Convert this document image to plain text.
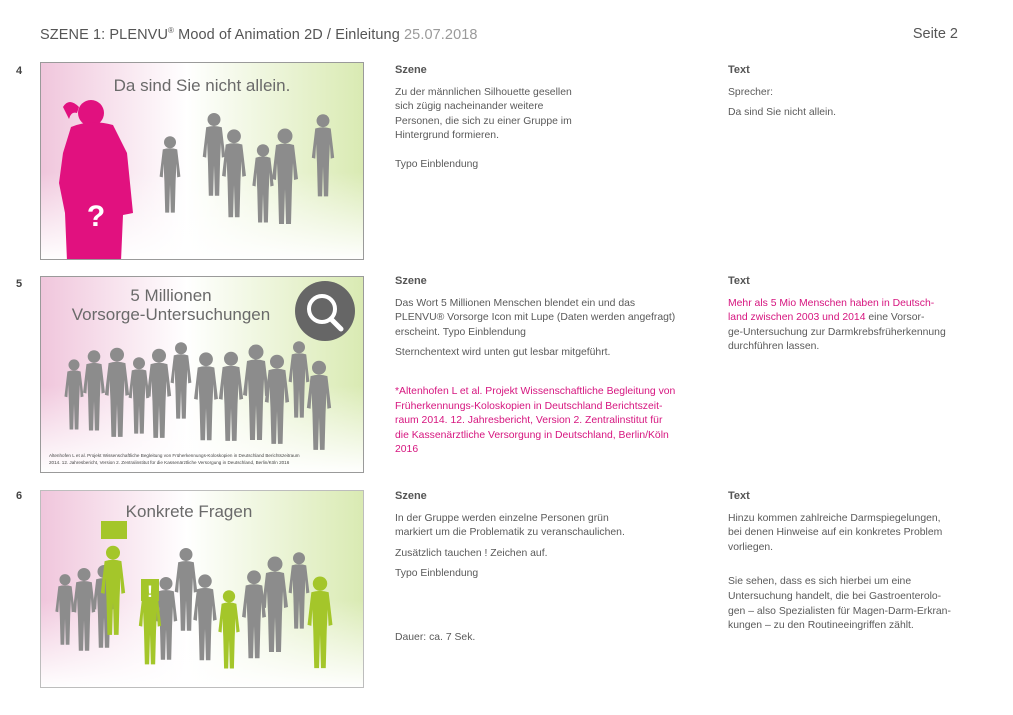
SZENE 1: PLENVU® Mood of Animation 2D / Einleitung 25.07.2018	Seite 2
4
Da sind Sie nicht allein.
?
Szene

Zu der männlichen Silhouette gesellen

sich zügig nacheinander weitere

Personen, die sich zu einer Gruppe im

Hintergrund formieren.

Typo Einblendung

Text

Sprecher:

Da sind Sie nicht allein.

5
5 Millionen
Vorsorge-Untersuchungen
Altenhofen L et al. Projekt Wissenschaftliche Begleitung von Früherkennungs-Koloskopien in Deutschland Berichtszeitraum
2014. 12. Jahresbericht, Version 2. Zentralinstitut für die Kassenärztliche Versorgung in Deutschland, Berlin/Köln 2016
Szene

Das Wort 5 Millionen Menschen blendet ein und das

PLENVU® Vorsorge Icon mit Lupe (Daten werden angefragt)

erscheint. Typo Einblendung

Sternchentext wird unten gut lesbar mitgeführt.

*Altenhofen L et al. Projekt Wissenschaftliche Begleitung von

Früherkennungs-Koloskopien in Deutschland Berichtszeit-

raum 2014. 12. Jahresbericht, Version 2. Zentralinstitut für

die Kassenärztliche Versorgung in Deutschland, Berlin/Köln

2016

Text

Mehr als 5 Mio Menschen haben in Deutsch-

land zwischen 2003 und 2014 eine Vorsor-

ge-Untersuchung zur Darmkrebsfrüherkennung

durchführen lassen.

6
!
Konkrete Fragen
Szene

In der Gruppe werden einzelne Personen grün

markiert um die Problematik zu veranschaulichen.

Zusätzlich tauchen ! Zeichen auf.

Typo Einblendung

Dauer: ca. 7 Sek.

Text

Hinzu kommen zahlreiche Darmspiegelungen,

bei denen Hinweise auf ein konkretes Problem

vorliegen.

Sie sehen, dass es sich hierbei um eine

Untersuchung handelt, die bei Gastroenterolo-

gen – also Spezialisten für Magen-Darm-Erkran-

kungen – zu den Routineeingriffen zählt.
